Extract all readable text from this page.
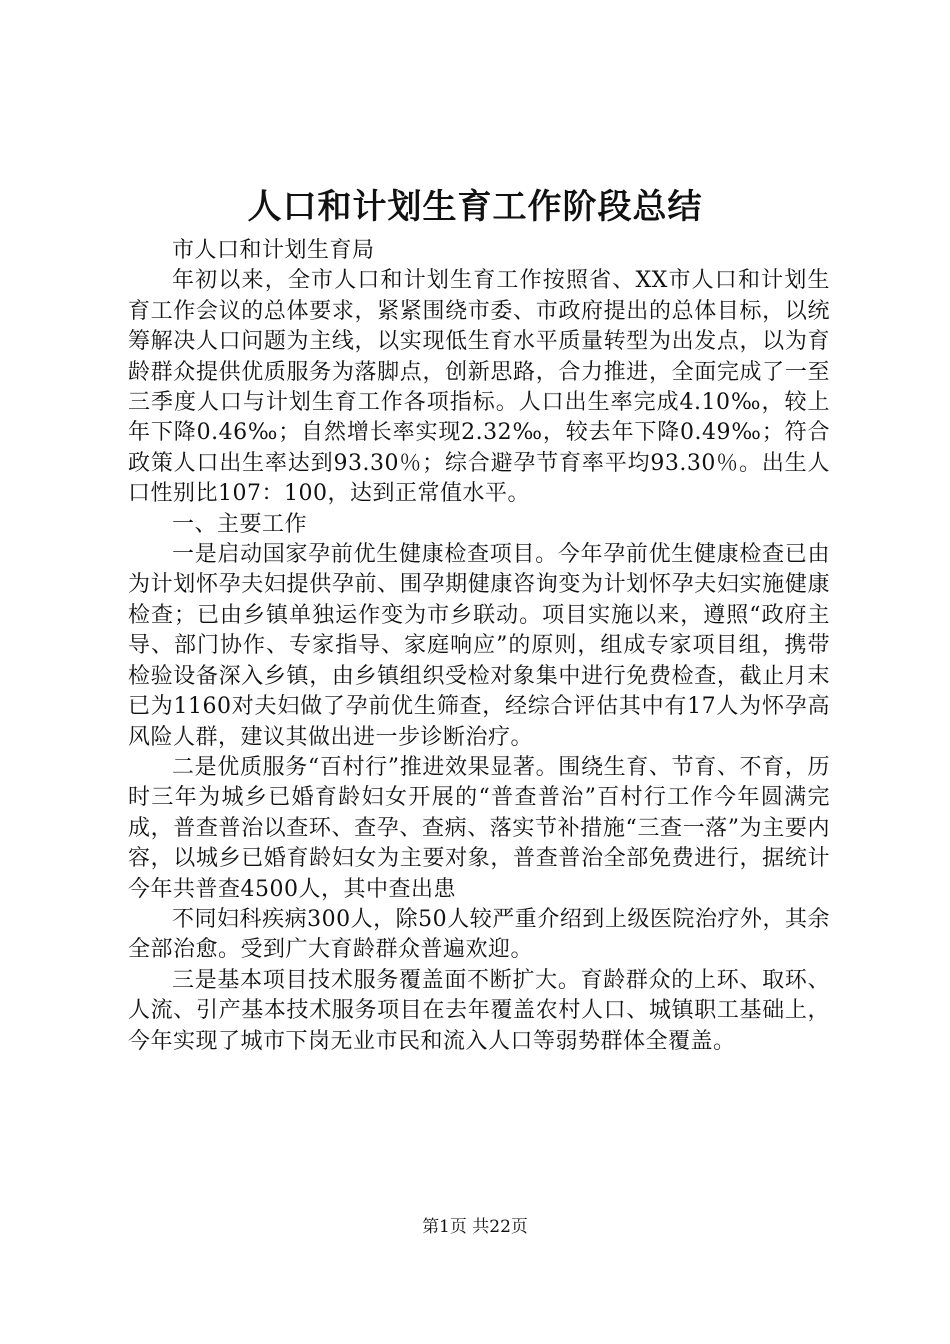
人口和计划生育工作阶段总结

市人口和计划生育局

年初以来，全市人口和计划生育工作按照省、XX市人口和计划生育工作会议的总体要求，紧紧围绕市委、市政府提出的总体目标，以统筹解决人口问题为主线，以实现低生育水平质量转型为出发点，以为育龄群众提供优质服务为落脚点，创新思路，合力推进，全面完成了一至三季度人口与计划生育工作各项指标。人口出生率完成4.10‰，较上年下降0.46‰；自然增长率实现2.32‰，较去年下降0.49‰；符合政策人口出生率达到93.30％；综合避孕节育率平均93.30％。出生人口性别比107：100，达到正常值水平。

一、主要工作

一是启动国家孕前优生健康检查项目。今年孕前优生健康检查已由为计划怀孕夫妇提供孕前、围孕期健康咨询变为计划怀孕夫妇实施健康检查；已由乡镇单独运作变为市乡联动。项目实施以来，遵照“政府主导、部门协作、专家指导、家庭响应”的原则，组成专家项目组，携带检验设备深入乡镇，由乡镇组织受检对象集中进行免费检查，截止月末已为1160对夫妇做了孕前优生筛查，经综合评估其中有17人为怀孕高风险人群，建议其做出进一步诊断治疗。

二是优质服务“百村行”推进效果显著。围绕生育、节育、不育，历时三年为城乡已婚育龄妇女开展的“普查普治”百村行工作今年圆满完成，普查普治以查环、查孕、查病、落实节补措施“三查一落”为主要内容，以城乡已婚育龄妇女为主要对象，普查普治全部免费进行，据统计今年共普查4500人，其中查出患

不同妇科疾病300人，除50人较严重介绍到上级医院治疗外，其余全部治愈。受到广大育龄群众普遍欢迎。

三是基本项目技术服务覆盖面不断扩大。育龄群众的上环、取环、人流、引产基本技术服务项目在去年覆盖农村人口、城镇职工基础上，今年实现了城市下岗无业市民和流入人口等弱势群体全覆盖。

第1页 共22页
